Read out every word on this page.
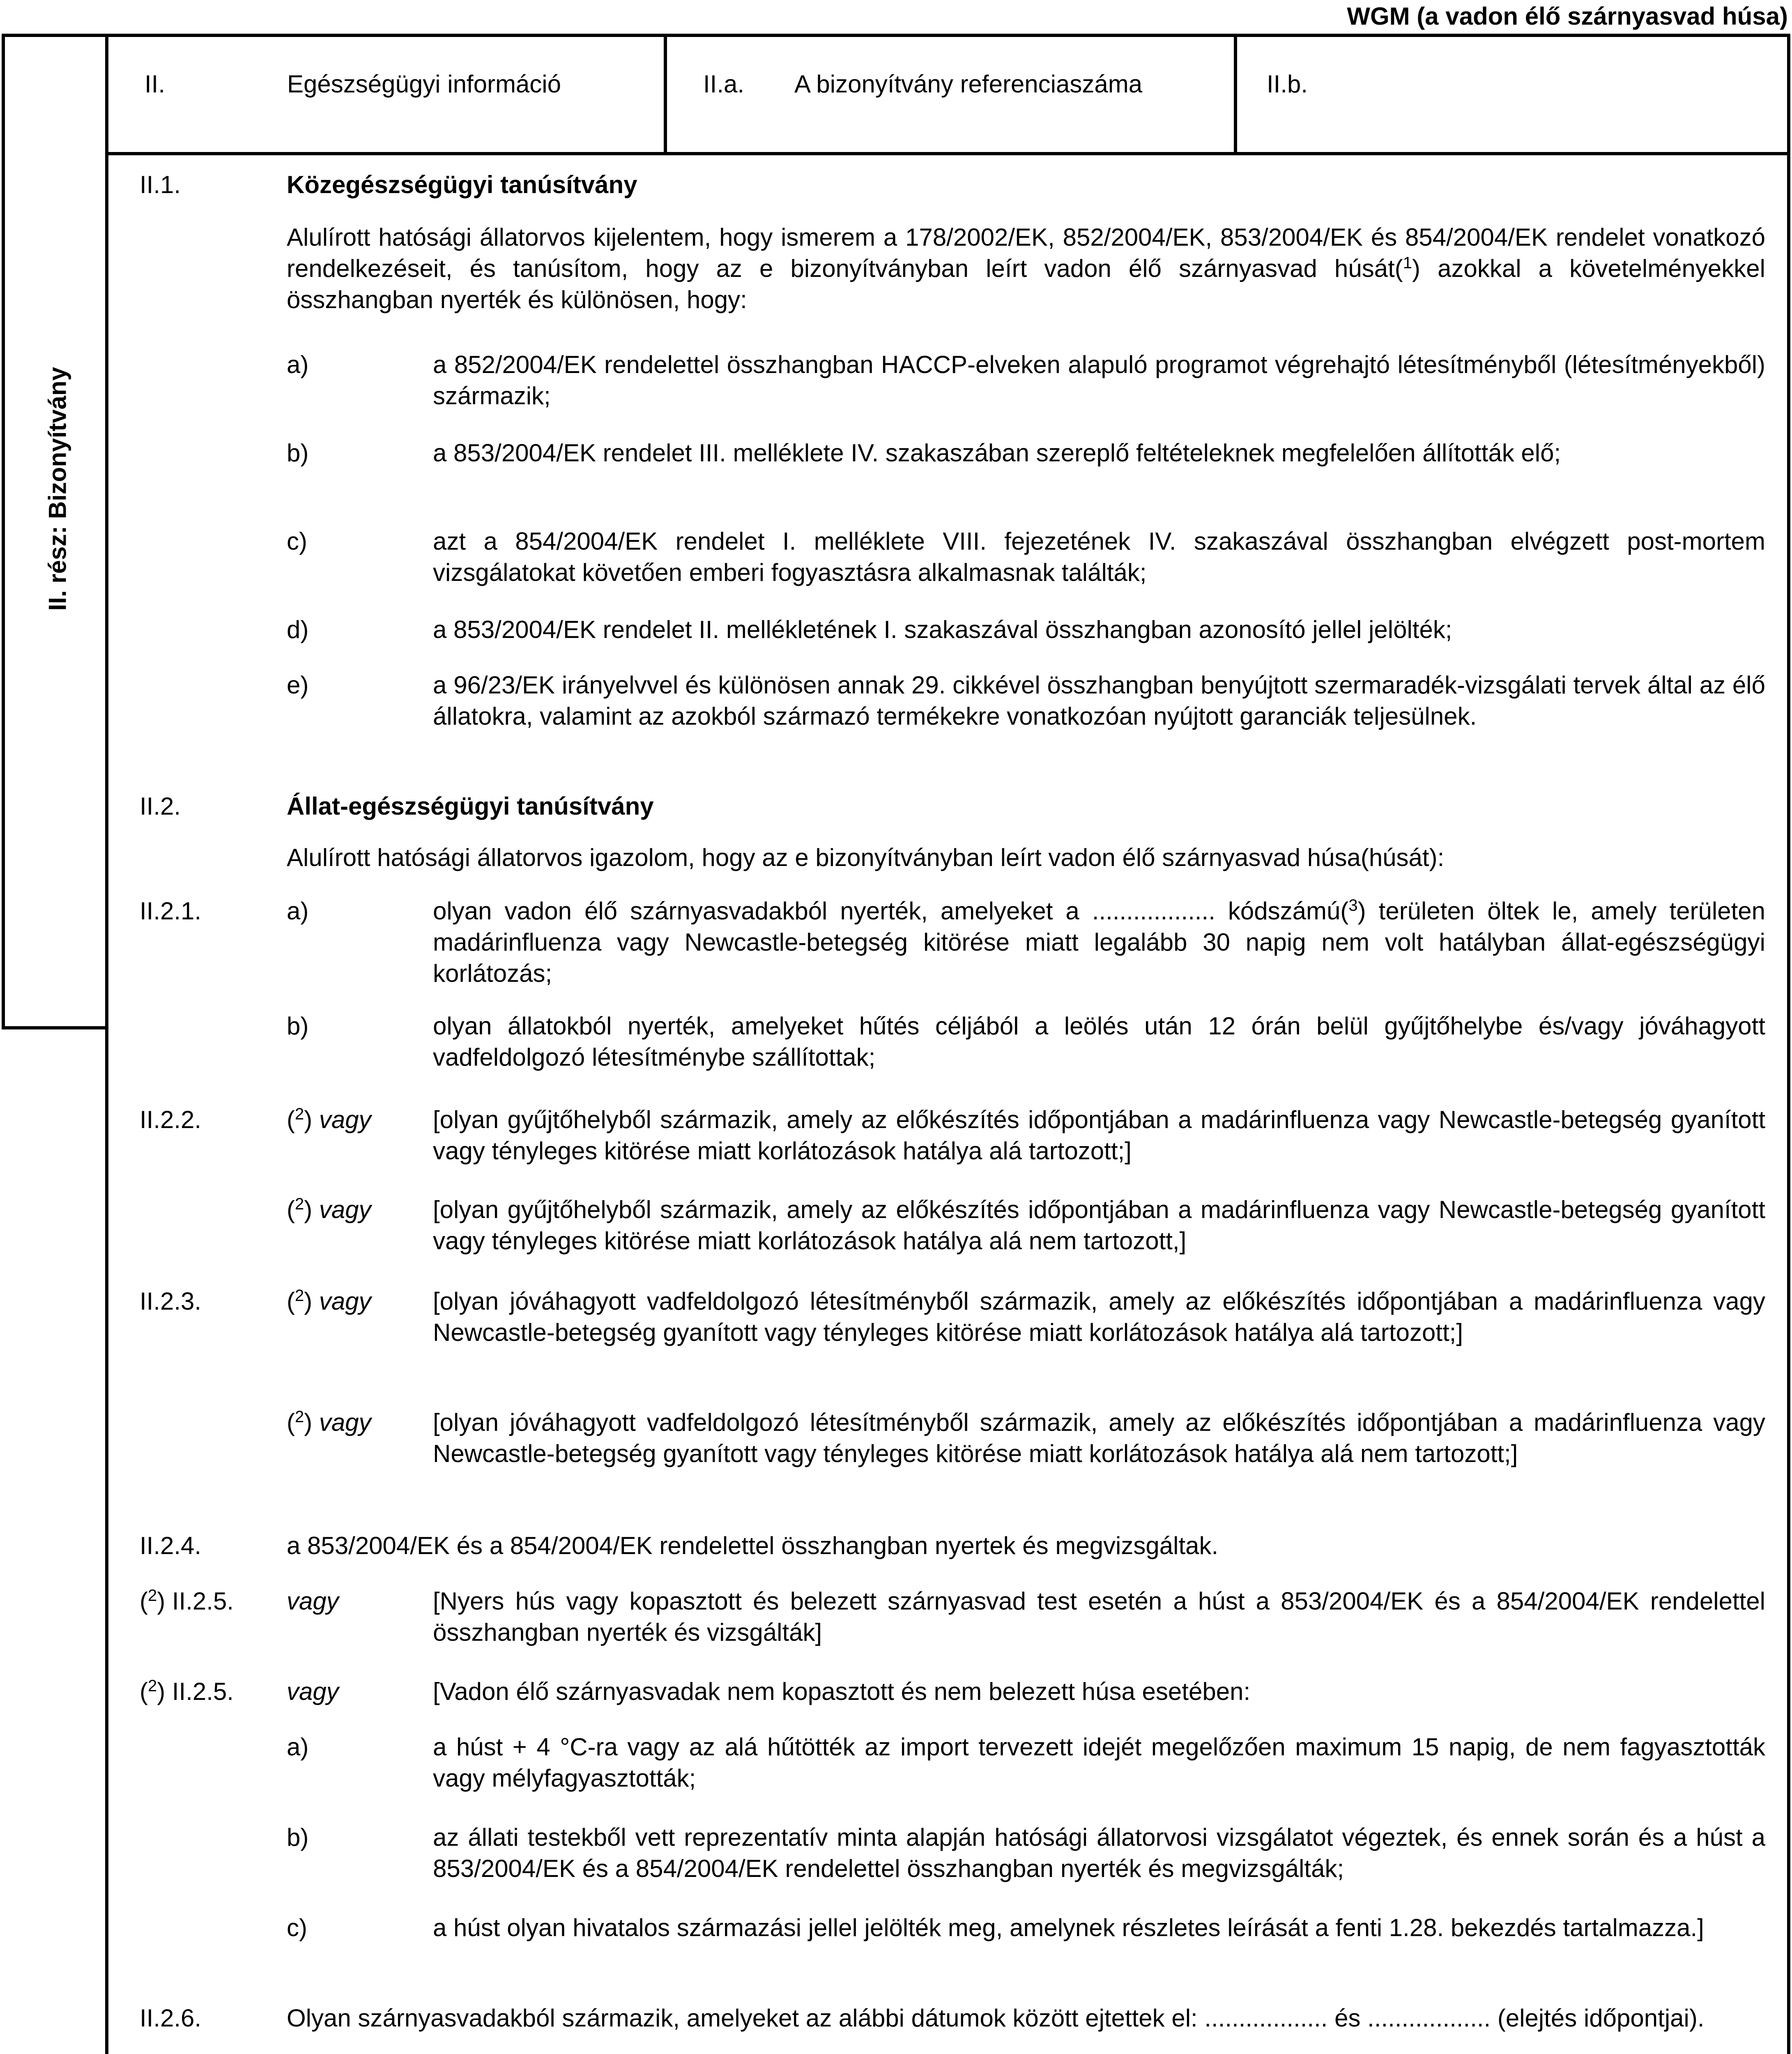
WGM (a vadon élő szárnyasvad húsa)
II. rész: Bizonyítvány
II.	Egészségügyi információ	II.a. A bizonyítvány referenciaszáma	II.b.
II.1.	Közegészségügyi tanúsítvány
Alulírott hatósági állatorvos kijelentem, hogy ismerem a 178/2002/EK, 852/2004/EK, 853/2004/EK és 854/2004/EK rendelet vonatkozó rendelkezéseit, és tanúsítom, hogy az e bizonyítványban leírt vadon élő szárnyasvad húsát($^1$) azokkal a követelményekkel összhangban nyerték és különösen, hogy:
a)	a 852/2004/EK rendelettel összhangban HACCP-elveken alapuló programot végrehajtó létesítményből (létesítményekből) származik;
b)	a 853/2004/EK rendelet III. melléklete IV. szakaszában szereplő feltételeknek megfelelően állították elő;
c)	azt a 854/2004/EK rendelet I. melléklete VIII. fejezetének IV. szakaszával összhangban elvégzett post-mortem vizsgálatokat követően emberi fogyasztásra alkalmasnak találták;
d)	a 853/2004/EK rendelet II. mellékletének I. szakaszával összhangban azonosító jellel jelölték;
e)	a 96/23/EK irányelvvel és különösen annak 29. cikkével összhangban benyújtott szermaradék-vizsgálati tervek által az élő állatokra, valamint az azokból származó termékekre vonatkozóan nyújtott garanciák teljesülnek.
II.2.	Állat-egészségügyi tanúsítvány
Alulírott hatósági állatorvos igazolom, hogy az e bizonyítványban leírt vadon élő szárnyasvad húsa(húsát):
II.2.1.	a)	olyan vadon élő szárnyasvadakból nyerték, amelyeket a .................. kódszámú($^3$) területen öltek le, amely területen madárinfluenza vagy Newcastle-betegség kitörése miatt legalább 30 napig nem volt hatályban állat-egészségügyi korlátozás;
b)	olyan állatokból nyerték, amelyeket hűtés céljából a leölés után 12 órán belül gyűjtőhelybe és/vagy jóváhagyott vadfeldolgozó létesítménybe szállítottak;
II.2.2.	($^2$) vagy	[olyan gyűjtőhelyből származik, amely az előkészítés időpontjában a madárinfluenza vagy Newcastle-betegség gyanított vagy tényleges kitörése miatt korlátozások hatálya alá tartozott;]
($^2$) vagy	[olyan gyűjtőhelyből származik, amely az előkészítés időpontjában a madárinfluenza vagy Newcastle-betegség gyanított vagy tényleges kitörése miatt korlátozások hatálya alá nem tartozott,]
II.2.3.	($^2$) vagy	[olyan jóváhagyott vadfeldolgozó létesítményből származik, amely az előkészítés időpontjában a madárinfluenza vagy Newcastle-betegség gyanított vagy tényleges kitörése miatt korlátozások hatálya alá tartozott;]
($^2$) vagy	[olyan jóváhagyott vadfeldolgozó létesítményből származik, amely az előkészítés időpontjában a madárinfluenza vagy Newcastle-betegség gyanított vagy tényleges kitörése miatt korlátozások hatálya alá nem tartozott;]
II.2.4.	a 853/2004/EK és a 854/2004/EK rendelettel összhangban nyertek és megvizsgáltak.
($^2$) II.2.5. vagy	[Nyers hús vagy kopasztott és belezett szárnyasvad test esetén a húst a 853/2004/EK és a 854/2004/EK rendelettel összhangban nyerték és vizsgálták]
($^2$) II.2.5. vagy	[Vadon élő szárnyasvadak nem kopasztott és nem belezett húsa esetében:
a)	a húst + 4 °C-ra vagy az alá hűtötték az import tervezett idejét megelőzően maximum 15 napig, de nem fagyasztották vagy mélyfagyasztották;
b)	az állati testekből vett reprezentatív minta alapján hatósági állatorvosi vizsgálatot végeztek, és ennek során és a húst a 853/2004/EK és a 854/2004/EK rendelettel összhangban nyerték és megvizsgálták;
c)	a húst olyan hivatalos származási jellel jelölték meg, amelynek részletes leírását a fenti 1.28. bekezdés tartalmazza.]
II.2.6.	Olyan szárnyasvadakból származik, amelyeket az alábbi dátumok között ejtettek el: .................. és .................. (elejtés időpontjai).
